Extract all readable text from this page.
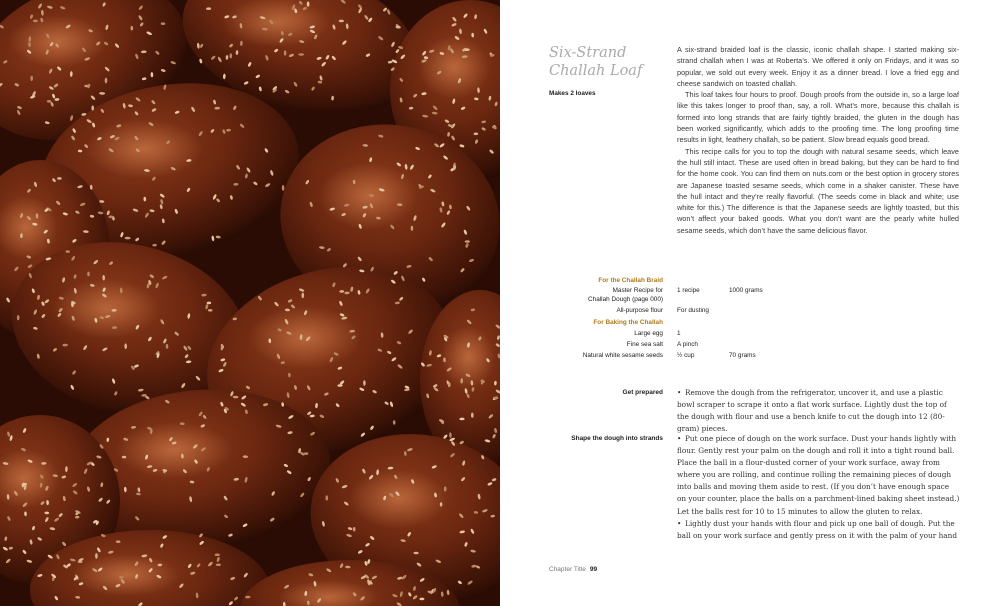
Six-Strand
Challah Loaf
Makes 2 loaves

A six-strand braided loaf is the classic, iconic challah shape. I started making six-strand challah when I was at Roberta’s. We offered it only on Fridays, and it was so popular, we sold out every week. Enjoy it as a dinner bread. I love a fried egg and cheese sandwich on toasted challah.

This loaf takes four hours to proof. Dough proofs from the outside in, so a large loaf like this takes longer to proof than, say, a roll. What’s more, because this challah is formed into long strands that are fairly tightly braided, the gluten in the dough has been worked significantly, which adds to the proofing time. The long proofing time results in light, feathery challah, so be patient. Slow bread equals good bread.

This recipe calls for you to top the dough with natural sesame seeds, which leave the hull still intact. These are used often in bread baking, but they can be hard to find for the home cook. You can find them on nuts.com or the best option in grocery stores are Japanese toasted sesame seeds, which come in a shaker canister. These have the hull intact and they’re really flavorful. (The seeds come in black and white; use white for this.) The difference is that the Japanese seeds are lightly toasted, but this won’t affect your baked goods. What you don’t want are the pearly white hulled sesame seeds, which don’t have the same delicious flavor.

For the Challah Braid
Master Recipe for
Challah Dough (page 000)
1 recipe	1000 grams
All-purpose flour For dusting
For Baking the Challah
Large egg 1
Fine sea salt A pinch
Natural white sesame seeds ½ cup	70 grams
Get prepared • Remove the dough from the refrigerator, uncover it, and use a plastic bowl scraper to scrape it onto a flat work surface. Lightly dust the top of the dough with flour and use a bench knife to cut the dough into 12 (80-gram) pieces.

Shape the dough into strands • Put one piece of dough on the work surface. Dust your hands lightly with flour. Gently rest your palm on the dough and roll it into a tight round ball. Place the ball in a flour-dusted corner of your work surface, away from where you are rolling, and continue rolling the remaining pieces of dough into balls and moving them aside to rest. (If you don’t have enough space on your counter, place the balls on a parchment-lined baking sheet instead.) Let the balls rest for 10 to 15 minutes to allow the gluten to relax.

• Lightly dust your hands with flour and pick up one ball of dough. Put the ball on your work surface and gently press on it with the palm of your hand

Chapter Title 99
